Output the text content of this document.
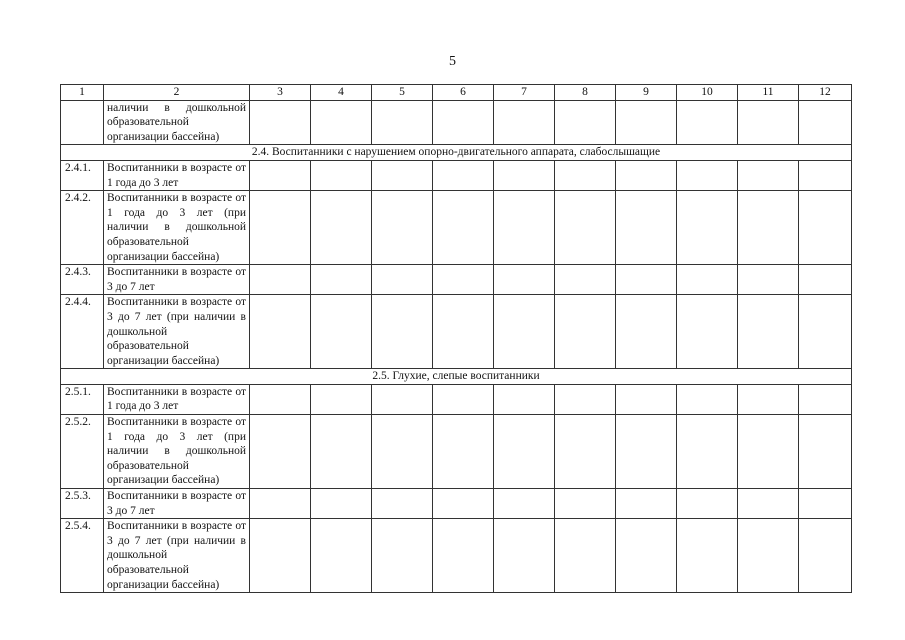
5
1	2	3	4	5	6	7	8	9	10	11	12
	наличии в дошкольной образовательной организации бассейна)										
2.4. Воспитанники с нарушением опорно-двигательного аппарата, слабослышащие											
2.4.1.	Воспитанники в возрасте от 1 года до 3 лет										
2.4.2.	Воспитанники в возрасте от 1 года до 3 лет (при наличии в дошкольной образовательной организации бассейна)										
2.4.3.	Воспитанники в возрасте от 3 до 7 лет										
2.4.4.	Воспитанники в возрасте от 3 до 7 лет (при наличии в дошкольной образовательной организации бассейна)										
2.5. Глухие, слепые воспитанники											
2.5.1.	Воспитанники в возрасте от 1 года до 3 лет										
2.5.2.	Воспитанники в возрасте от 1 года до 3 лет (при наличии в дошкольной образовательной организации бассейна)										
2.5.3.	Воспитанники в возрасте от 3 до 7 лет										
2.5.4.	Воспитанники в возрасте от 3 до 7 лет (при наличии в дошкольной образовательной организации бассейна)										
